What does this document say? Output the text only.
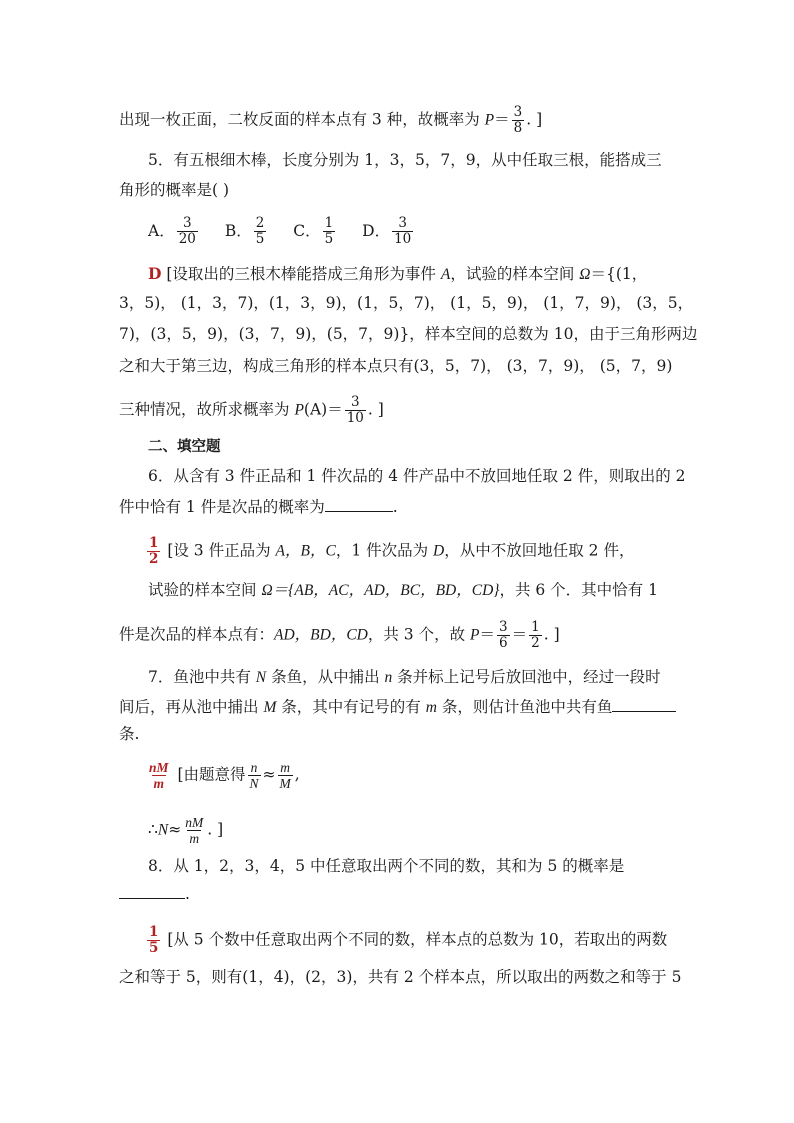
出现一枚正面，二枚反面的样本点有 3 种，故概率为 $P= \frac{3}{8}$ . ]
5．有五根细木棒，长度分别为 1，3，5，7，9，从中任取三根，能搭成三
角形的概率是( )
A． $\frac{3}{20}$ B． $\frac{2}{5}$ C． $\frac{1}{5}$ D． $\frac{3}{10}$
D [设取出的三根木棒能搭成三角形为事件 A，试验的样本空间 Ω＝{(1，
3，5)， (1，3，7)，(1，3，9)，(1，5，7)， (1，5，9)， (1，7，9)， (3，5，
7)，(3，5，9)，(3，7，9)，(5，7，9)}，样本空间的总数为 10，由于三角形两边
之和大于第三边，构成三角形的样本点只有(3，5，7)， (3，7，9)， (5，7，9)
三种情况，故所求概率为 $P(A)= \frac{3}{10}$ . ]
二、填空题
6．从含有 3 件正品和 1 件次品的 4 件产品中不放回地任取 2 件，则取出的 2
件中恰有 1 件是次品的概率为	.
$\frac{1}{2}$ [设 3 件正品为 A，B，C，1 件次品为 D，从中不放回地任取 2 件，
试验的样本空间 Ω＝{AB，AC，AD，BC，BD，CD}，共 6 个．其中恰有 1
件是次品的样本点有：AD，BD，CD，共 3 个，故 $P= \frac{3}{6} = \frac{1}{2}$ . ]
7．鱼池中共有 N 条鱼，从中捕出 n 条并标上记号后放回池中，经过一段时
间后，再从池中捕出 M 条，其中有记号的有 m 条，则估计鱼池中共有鱼
条.
$\frac{nM}{m}$ [由题意得 $\frac{n}{N} \approx \frac{m}{M}$ ,
∴N≈ $\frac{nM}{m}$ . ]
8．从 1，2，3，4，5 中任意取出两个不同的数，其和为 5 的概率是
.
$\frac{1}{5}$ [从 5 个数中任意取出两个不同的数，样本点的总数为 10，若取出的两数
之和等于 5，则有(1，4)，(2，3)，共有 2 个样本点，所以取出的两数之和等于 5
